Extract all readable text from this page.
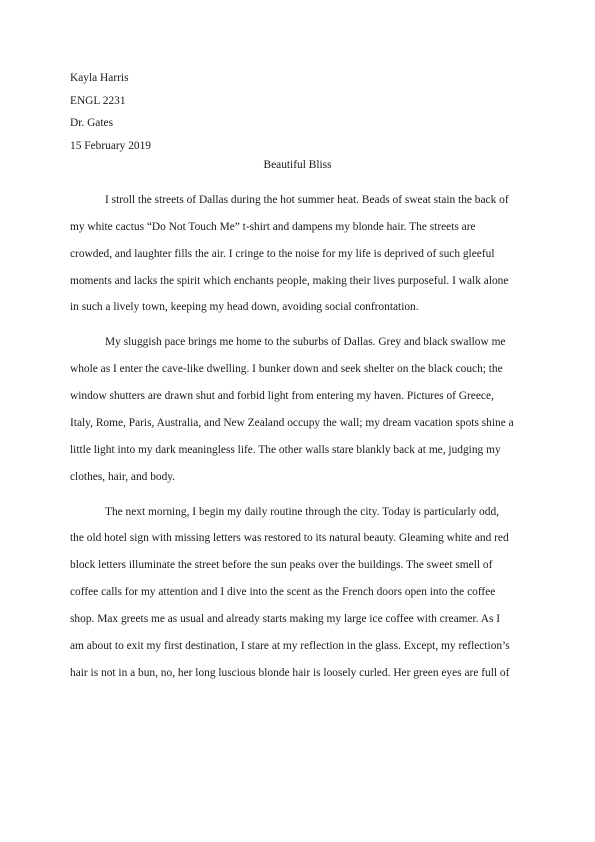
Kayla Harris
ENGL 2231
Dr. Gates
15 February 2019
Beautiful Bliss
I stroll the streets of Dallas during the hot summer heat. Beads of sweat stain the back of
my white cactus “Do Not Touch Me” t-shirt and dampens my blonde hair. The streets are
crowded, and laughter fills the air. I cringe to the noise for my life is deprived of such gleeful
moments and lacks the spirit which enchants people, making their lives purposeful. I walk alone
in such a lively town, keeping my head down, avoiding social confrontation.
My sluggish pace brings me home to the suburbs of Dallas. Grey and black swallow me
whole as I enter the cave-like dwelling. I bunker down and seek shelter on the black couch; the
window shutters are drawn shut and forbid light from entering my haven. Pictures of Greece,
Italy, Rome, Paris, Australia, and New Zealand occupy the wall; my dream vacation spots shine a
little light into my dark meaningless life. The other walls stare blankly back at me, judging my
clothes, hair, and body.
The next morning, I begin my daily routine through the city. Today is particularly odd,
the old hotel sign with missing letters was restored to its natural beauty. Gleaming white and red
block letters illuminate the street before the sun peaks over the buildings. The sweet smell of
coffee calls for my attention and I dive into the scent as the French doors open into the coffee
shop. Max greets me as usual and already starts making my large ice coffee with creamer. As I
am about to exit my first destination, I stare at my reflection in the glass. Except, my reflection’s
hair is not in a bun, no, her long luscious blonde hair is loosely curled. Her green eyes are full of
